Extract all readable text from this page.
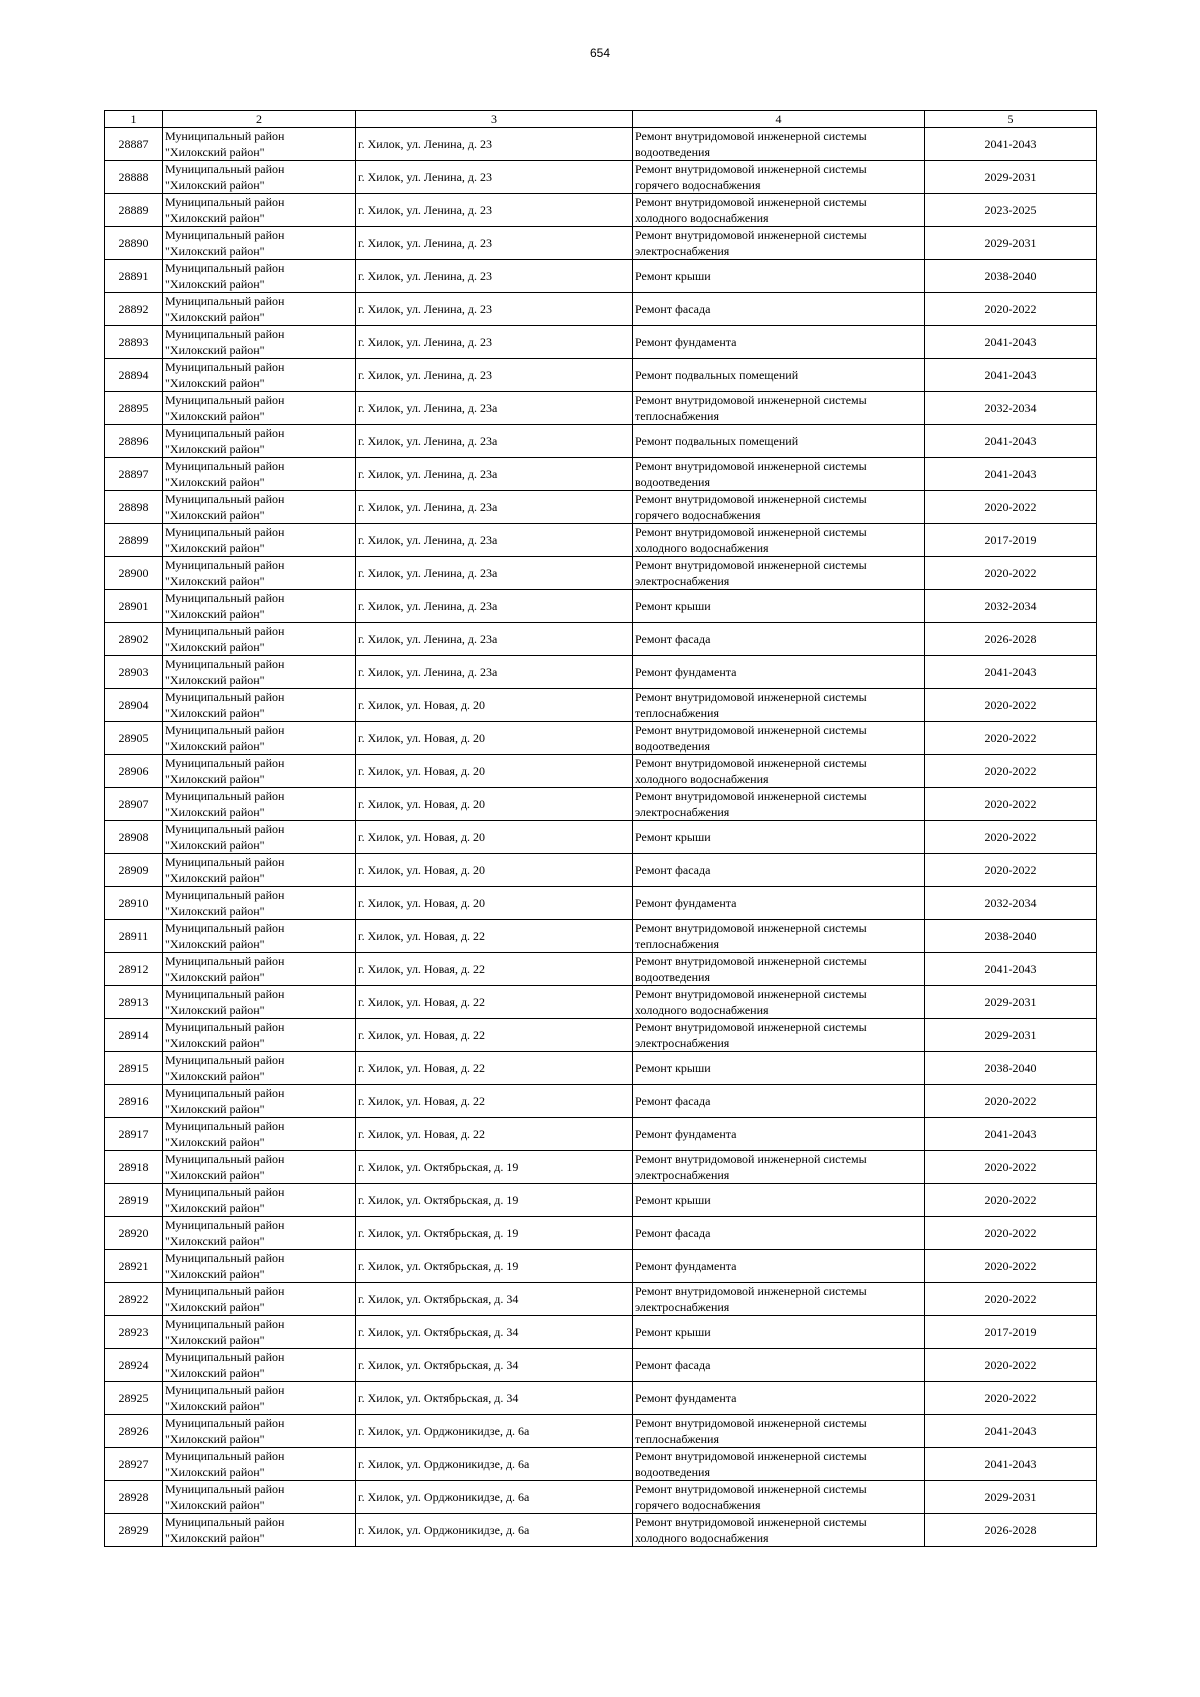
654
1	2	3	4	5
28887	Муниципальный район
"Хилокский район"	г. Хилок, ул. Ленина, д. 23	Ремонт внутридомовой инженерной системы
водоотведения	2041-2043
28888	Муниципальный район
"Хилокский район"	г. Хилок, ул. Ленина, д. 23	Ремонт внутридомовой инженерной системы
горячего водоснабжения	2029-2031
28889	Муниципальный район
"Хилокский район"	г. Хилок, ул. Ленина, д. 23	Ремонт внутридомовой инженерной системы
холодного водоснабжения	2023-2025
28890	Муниципальный район
"Хилокский район"	г. Хилок, ул. Ленина, д. 23	Ремонт внутридомовой инженерной системы
электроснабжения	2029-2031
28891	Муниципальный район
"Хилокский район"	г. Хилок, ул. Ленина, д. 23	Ремонт крыши	2038-2040
28892	Муниципальный район
"Хилокский район"	г. Хилок, ул. Ленина, д. 23	Ремонт фасада	2020-2022
28893	Муниципальный район
"Хилокский район"	г. Хилок, ул. Ленина, д. 23	Ремонт фундамента	2041-2043
28894	Муниципальный район
"Хилокский район"	г. Хилок, ул. Ленина, д. 23	Ремонт подвальных помещений	2041-2043
28895	Муниципальный район
"Хилокский район"	г. Хилок, ул. Ленина, д. 23а	Ремонт внутридомовой инженерной системы
теплоснабжения	2032-2034
28896	Муниципальный район
"Хилокский район"	г. Хилок, ул. Ленина, д. 23а	Ремонт подвальных помещений	2041-2043
28897	Муниципальный район
"Хилокский район"	г. Хилок, ул. Ленина, д. 23а	Ремонт внутридомовой инженерной системы
водоотведения	2041-2043
28898	Муниципальный район
"Хилокский район"	г. Хилок, ул. Ленина, д. 23а	Ремонт внутридомовой инженерной системы
горячего водоснабжения	2020-2022
28899	Муниципальный район
"Хилокский район"	г. Хилок, ул. Ленина, д. 23а	Ремонт внутридомовой инженерной системы
холодного водоснабжения	2017-2019
28900	Муниципальный район
"Хилокский район"	г. Хилок, ул. Ленина, д. 23а	Ремонт внутридомовой инженерной системы
электроснабжения	2020-2022
28901	Муниципальный район
"Хилокский район"	г. Хилок, ул. Ленина, д. 23а	Ремонт крыши	2032-2034
28902	Муниципальный район
"Хилокский район"	г. Хилок, ул. Ленина, д. 23а	Ремонт фасада	2026-2028
28903	Муниципальный район
"Хилокский район"	г. Хилок, ул. Ленина, д. 23а	Ремонт фундамента	2041-2043
28904	Муниципальный район
"Хилокский район"	г. Хилок, ул. Новая, д. 20	Ремонт внутридомовой инженерной системы
теплоснабжения	2020-2022
28905	Муниципальный район
"Хилокский район"	г. Хилок, ул. Новая, д. 20	Ремонт внутридомовой инженерной системы
водоотведения	2020-2022
28906	Муниципальный район
"Хилокский район"	г. Хилок, ул. Новая, д. 20	Ремонт внутридомовой инженерной системы
холодного водоснабжения	2020-2022
28907	Муниципальный район
"Хилокский район"	г. Хилок, ул. Новая, д. 20	Ремонт внутридомовой инженерной системы
электроснабжения	2020-2022
28908	Муниципальный район
"Хилокский район"	г. Хилок, ул. Новая, д. 20	Ремонт крыши	2020-2022
28909	Муниципальный район
"Хилокский район"	г. Хилок, ул. Новая, д. 20	Ремонт фасада	2020-2022
28910	Муниципальный район
"Хилокский район"	г. Хилок, ул. Новая, д. 20	Ремонт фундамента	2032-2034
28911	Муниципальный район
"Хилокский район"	г. Хилок, ул. Новая, д. 22	Ремонт внутридомовой инженерной системы
теплоснабжения	2038-2040
28912	Муниципальный район
"Хилокский район"	г. Хилок, ул. Новая, д. 22	Ремонт внутридомовой инженерной системы
водоотведения	2041-2043
28913	Муниципальный район
"Хилокский район"	г. Хилок, ул. Новая, д. 22	Ремонт внутридомовой инженерной системы
холодного водоснабжения	2029-2031
28914	Муниципальный район
"Хилокский район"	г. Хилок, ул. Новая, д. 22	Ремонт внутридомовой инженерной системы
электроснабжения	2029-2031
28915	Муниципальный район
"Хилокский район"	г. Хилок, ул. Новая, д. 22	Ремонт крыши	2038-2040
28916	Муниципальный район
"Хилокский район"	г. Хилок, ул. Новая, д. 22	Ремонт фасада	2020-2022
28917	Муниципальный район
"Хилокский район"	г. Хилок, ул. Новая, д. 22	Ремонт фундамента	2041-2043
28918	Муниципальный район
"Хилокский район"	г. Хилок, ул. Октябрьская, д. 19	Ремонт внутридомовой инженерной системы
электроснабжения	2020-2022
28919	Муниципальный район
"Хилокский район"	г. Хилок, ул. Октябрьская, д. 19	Ремонт крыши	2020-2022
28920	Муниципальный район
"Хилокский район"	г. Хилок, ул. Октябрьская, д. 19	Ремонт фасада	2020-2022
28921	Муниципальный район
"Хилокский район"	г. Хилок, ул. Октябрьская, д. 19	Ремонт фундамента	2020-2022
28922	Муниципальный район
"Хилокский район"	г. Хилок, ул. Октябрьская, д. 34	Ремонт внутридомовой инженерной системы
электроснабжения	2020-2022
28923	Муниципальный район
"Хилокский район"	г. Хилок, ул. Октябрьская, д. 34	Ремонт крыши	2017-2019
28924	Муниципальный район
"Хилокский район"	г. Хилок, ул. Октябрьская, д. 34	Ремонт фасада	2020-2022
28925	Муниципальный район
"Хилокский район"	г. Хилок, ул. Октябрьская, д. 34	Ремонт фундамента	2020-2022
28926	Муниципальный район
"Хилокский район"	г. Хилок, ул. Орджоникидзе, д. 6а	Ремонт внутридомовой инженерной системы
теплоснабжения	2041-2043
28927	Муниципальный район
"Хилокский район"	г. Хилок, ул. Орджоникидзе, д. 6а	Ремонт внутридомовой инженерной системы
водоотведения	2041-2043
28928	Муниципальный район
"Хилокский район"	г. Хилок, ул. Орджоникидзе, д. 6а	Ремонт внутридомовой инженерной системы
горячего водоснабжения	2029-2031
28929	Муниципальный район
"Хилокский район"	г. Хилок, ул. Орджоникидзе, д. 6а	Ремонт внутридомовой инженерной системы
холодного водоснабжения	2026-2028
